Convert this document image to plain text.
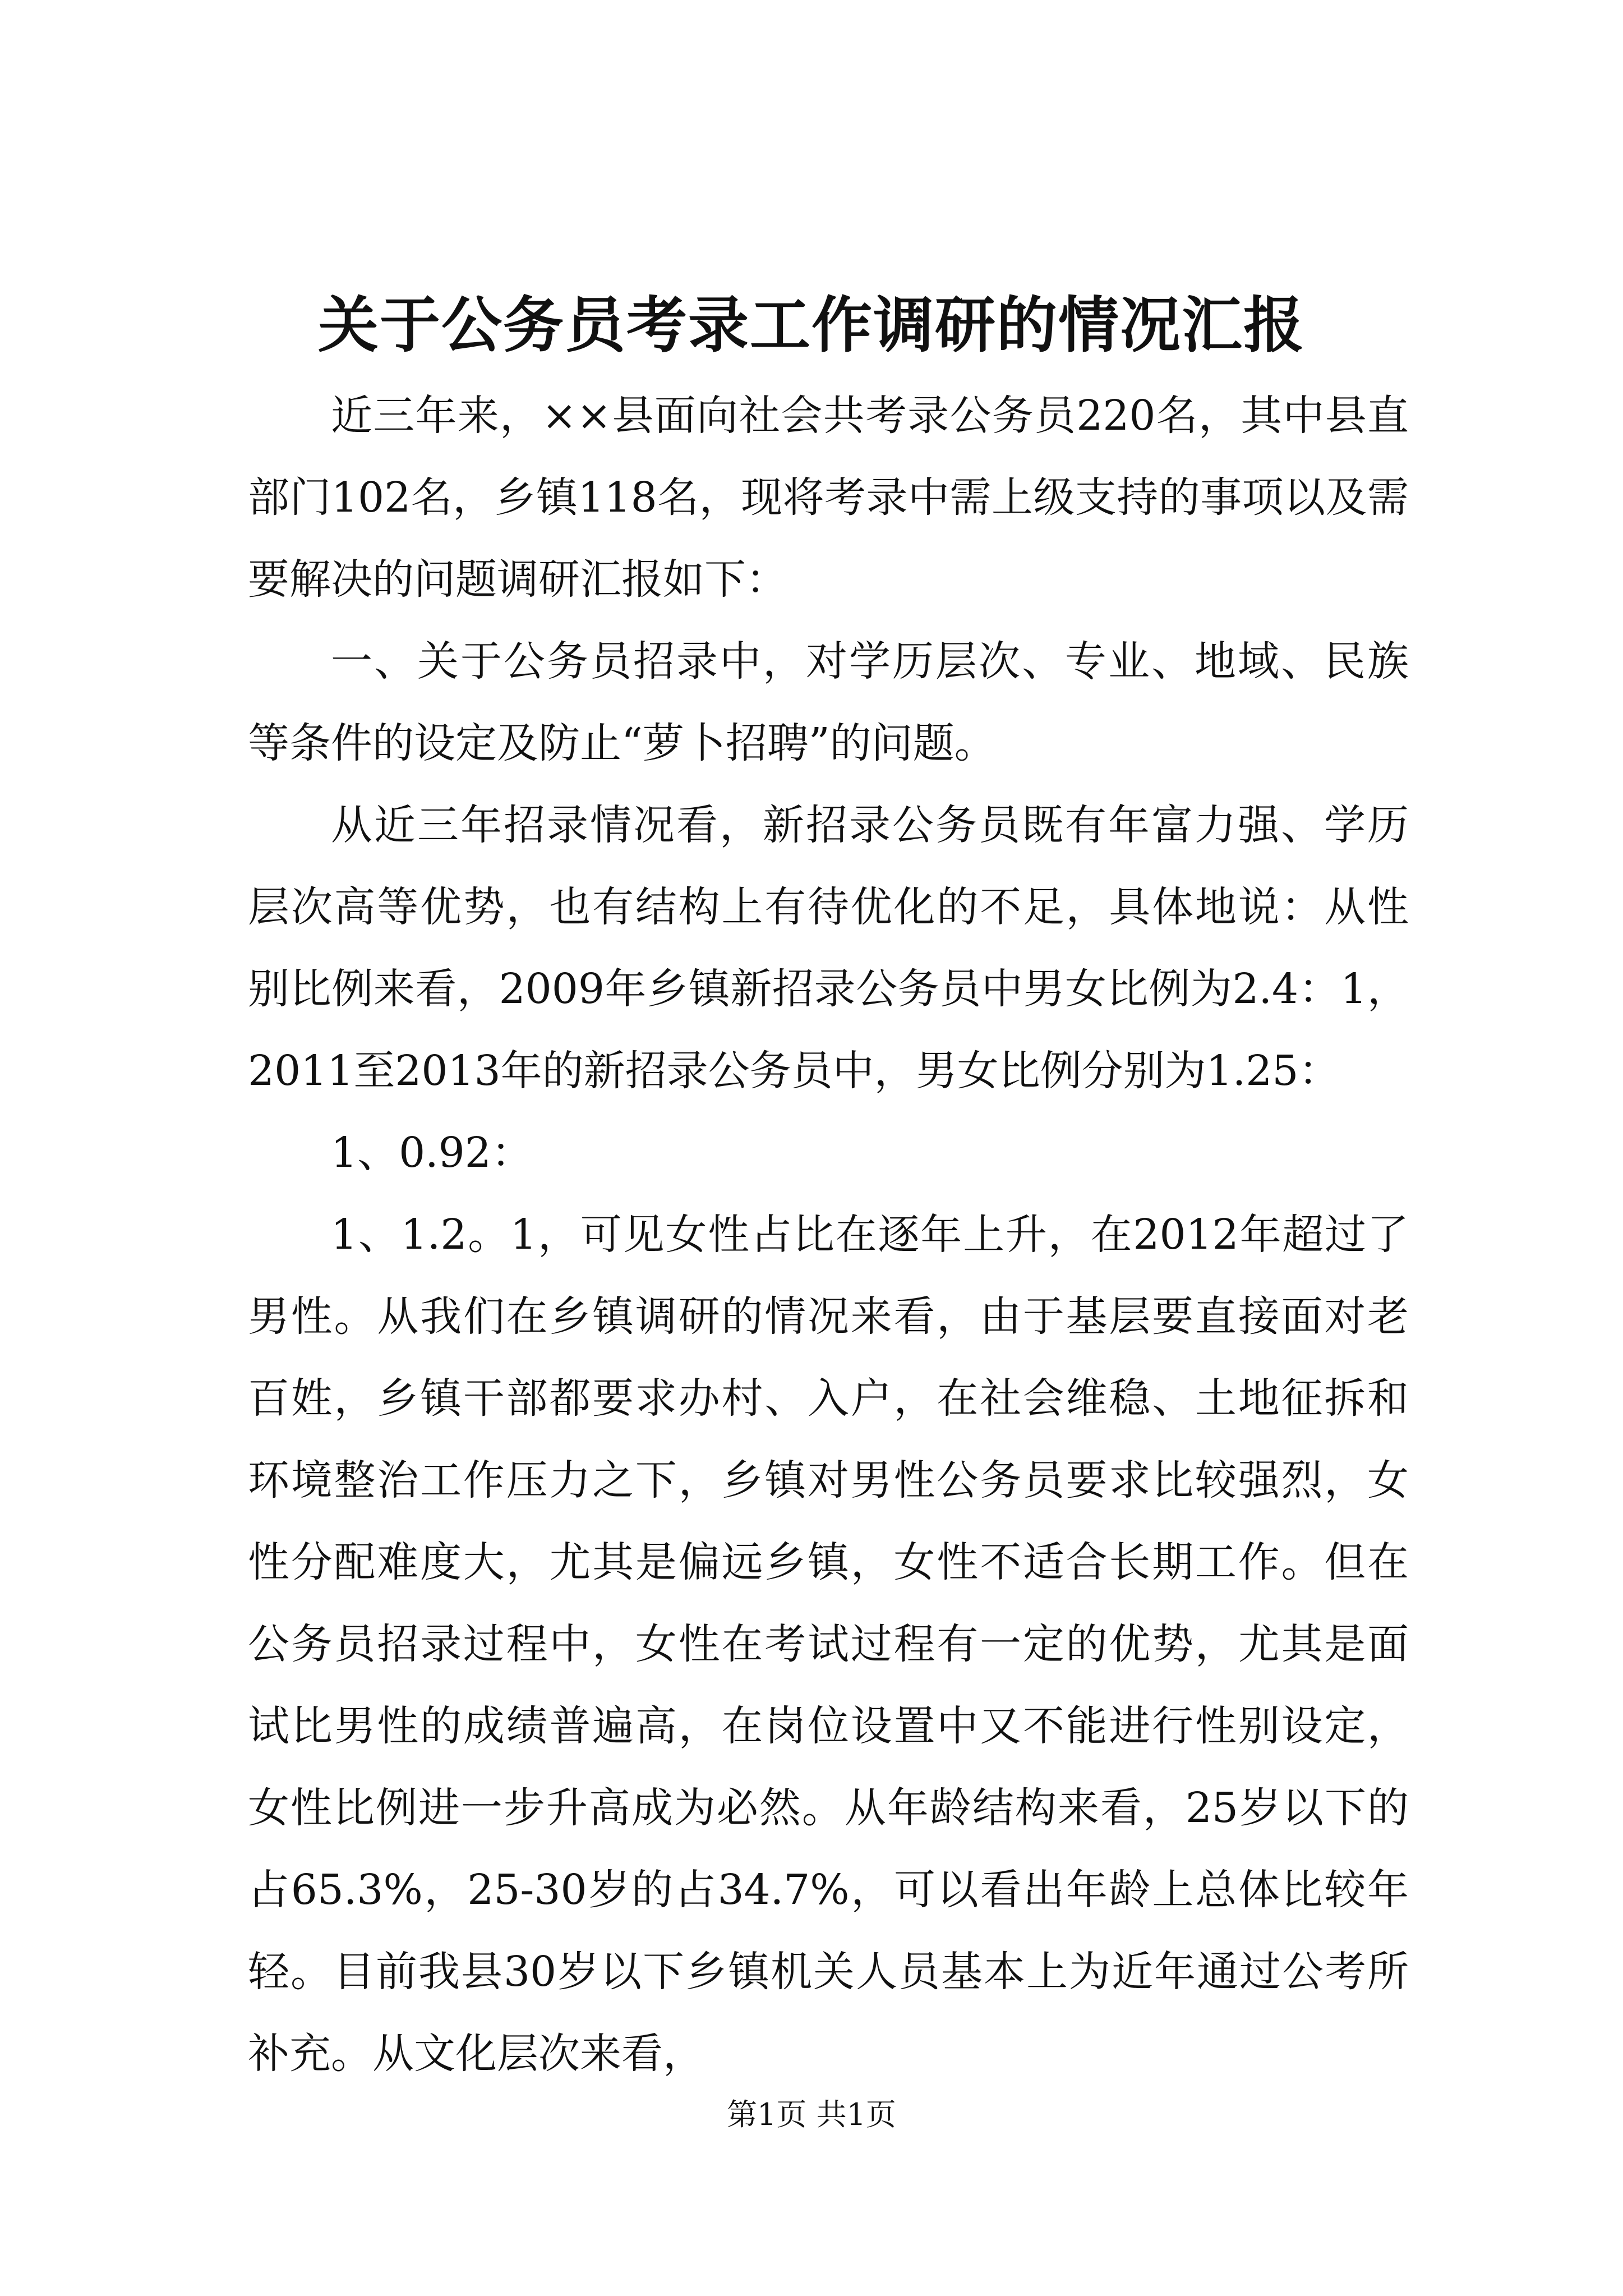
关于公务员考录工作调研的情况汇报

近三年来，××县面向社会共考录公务员220名，其中县直部门102名，乡镇118名，现将考录中需上级支持的事项以及需要解决的问题调研汇报如下：

一、关于公务员招录中，对学历层次、专业、地域、民族等条件的设定及防止“萝卜招聘”的问题。

从近三年招录情况看，新招录公务员既有年富力强、学历层次高等优势，也有结构上有待优化的不足，具体地说：从性别比例来看，2009年乡镇新招录公务员中男女比例为2.4：1，2011至2013年的新招录公务员中，男女比例分别为1.25：

1、0.92：

1、1.2。1，可见女性占比在逐年上升，在2012年超过了男性。从我们在乡镇调研的情况来看，由于基层要直接面对老百姓，乡镇干部都要求办村、入户，在社会维稳、土地征拆和环境整治工作压力之下，乡镇对男性公务员要求比较强烈，女性分配难度大，尤其是偏远乡镇，女性不适合长期工作。但在公务员招录过程中，女性在考试过程有一定的优势，尤其是面试比男性的成绩普遍高，在岗位设置中又不能进行性别设定，女性比例进一步升高成为必然。从年龄结构来看，25岁以下的占65.3%，25-30岁的占34.7%，可以看出年龄上总体比较年轻。目前我县30岁以下乡镇机关人员基本上为近年通过公考所补充。从文化层次来看，

第1页 共1页
